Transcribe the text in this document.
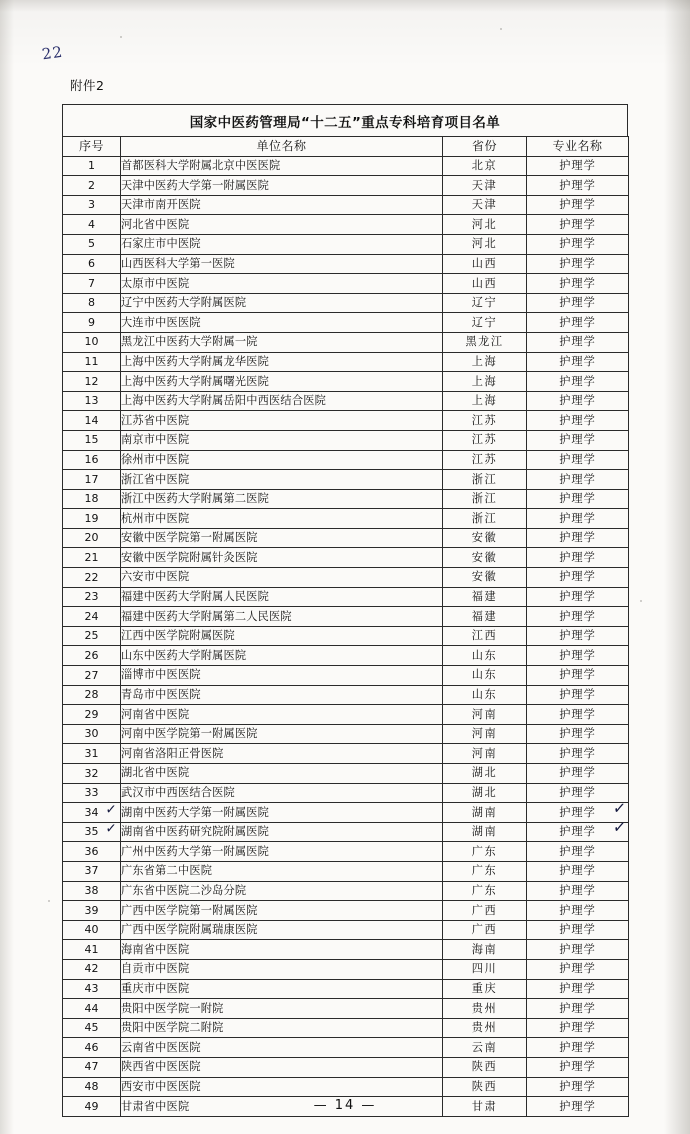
22
附件2
国家中医药管理局“十二五”重点专科培育项目名单
序号	单位名称	省份	专业名称

1	首都医科大学附属北京中医医院	北京	护理学

2	天津中医药大学第一附属医院	天津	护理学

3	天津市南开医院	天津	护理学

4	河北省中医院	河北	护理学

5	石家庄市中医院	河北	护理学

6	山西医科大学第一医院	山西	护理学

7	太原市中医院	山西	护理学

8	辽宁中医药大学附属医院	辽宁	护理学

9	大连市中医医院	辽宁	护理学

10	黑龙江中医药大学附属一院	黑龙江	护理学

11	上海中医药大学附属龙华医院	上海	护理学

12	上海中医药大学附属曙光医院	上海	护理学

13	上海中医药大学附属岳阳中西医结合医院	上海	护理学

14	江苏省中医院	江苏	护理学

15	南京市中医院	江苏	护理学

16	徐州市中医院	江苏	护理学

17	浙江省中医院	浙江	护理学

18	浙江中医药大学附属第二医院	浙江	护理学

19	杭州市中医院	浙江	护理学

20	安徽中医学院第一附属医院	安徽	护理学

21	安徽中医学院附属针灸医院	安徽	护理学

22	六安市中医院	安徽	护理学

23	福建中医药大学附属人民医院	福建	护理学

24	福建中医药大学附属第二人民医院	福建	护理学

25	江西中医学院附属医院	江西	护理学

26	山东中医药大学附属医院	山东	护理学

27	淄博市中医医院	山东	护理学

28	青岛市中医医院	山东	护理学

29	河南省中医院	河南	护理学

30	河南中医学院第一附属医院	河南	护理学

31	河南省洛阳正骨医院	河南	护理学

32	湖北省中医院	湖北	护理学

33	武汉市中西医结合医院	湖北	护理学

34 ✓	湖南中医药大学第一附属医院	湖南	护理学 ✓

35 ✓	湖南省中医药研究院附属医院	湖南	护理学 ✓

36	广州中医药大学第一附属医院	广东	护理学

37	广东省第二中医院	广东	护理学

38	广东省中医院二沙岛分院	广东	护理学

39	广西中医学院第一附属医院	广西	护理学

40	广西中医学院附属瑞康医院	广西	护理学

41	海南省中医院	海南	护理学

42	自贡市中医院	四川	护理学

43	重庆市中医院	重庆	护理学

44	贵阳中医学院一附院	贵州	护理学

45	贵阳中医学院二附院	贵州	护理学

46	云南省中医医院	云南	护理学

47	陕西省中医医院	陕西	护理学

48	西安市中医医院	陕西	护理学

49	甘肃省中医院	甘肃	护理学
— 14 —
